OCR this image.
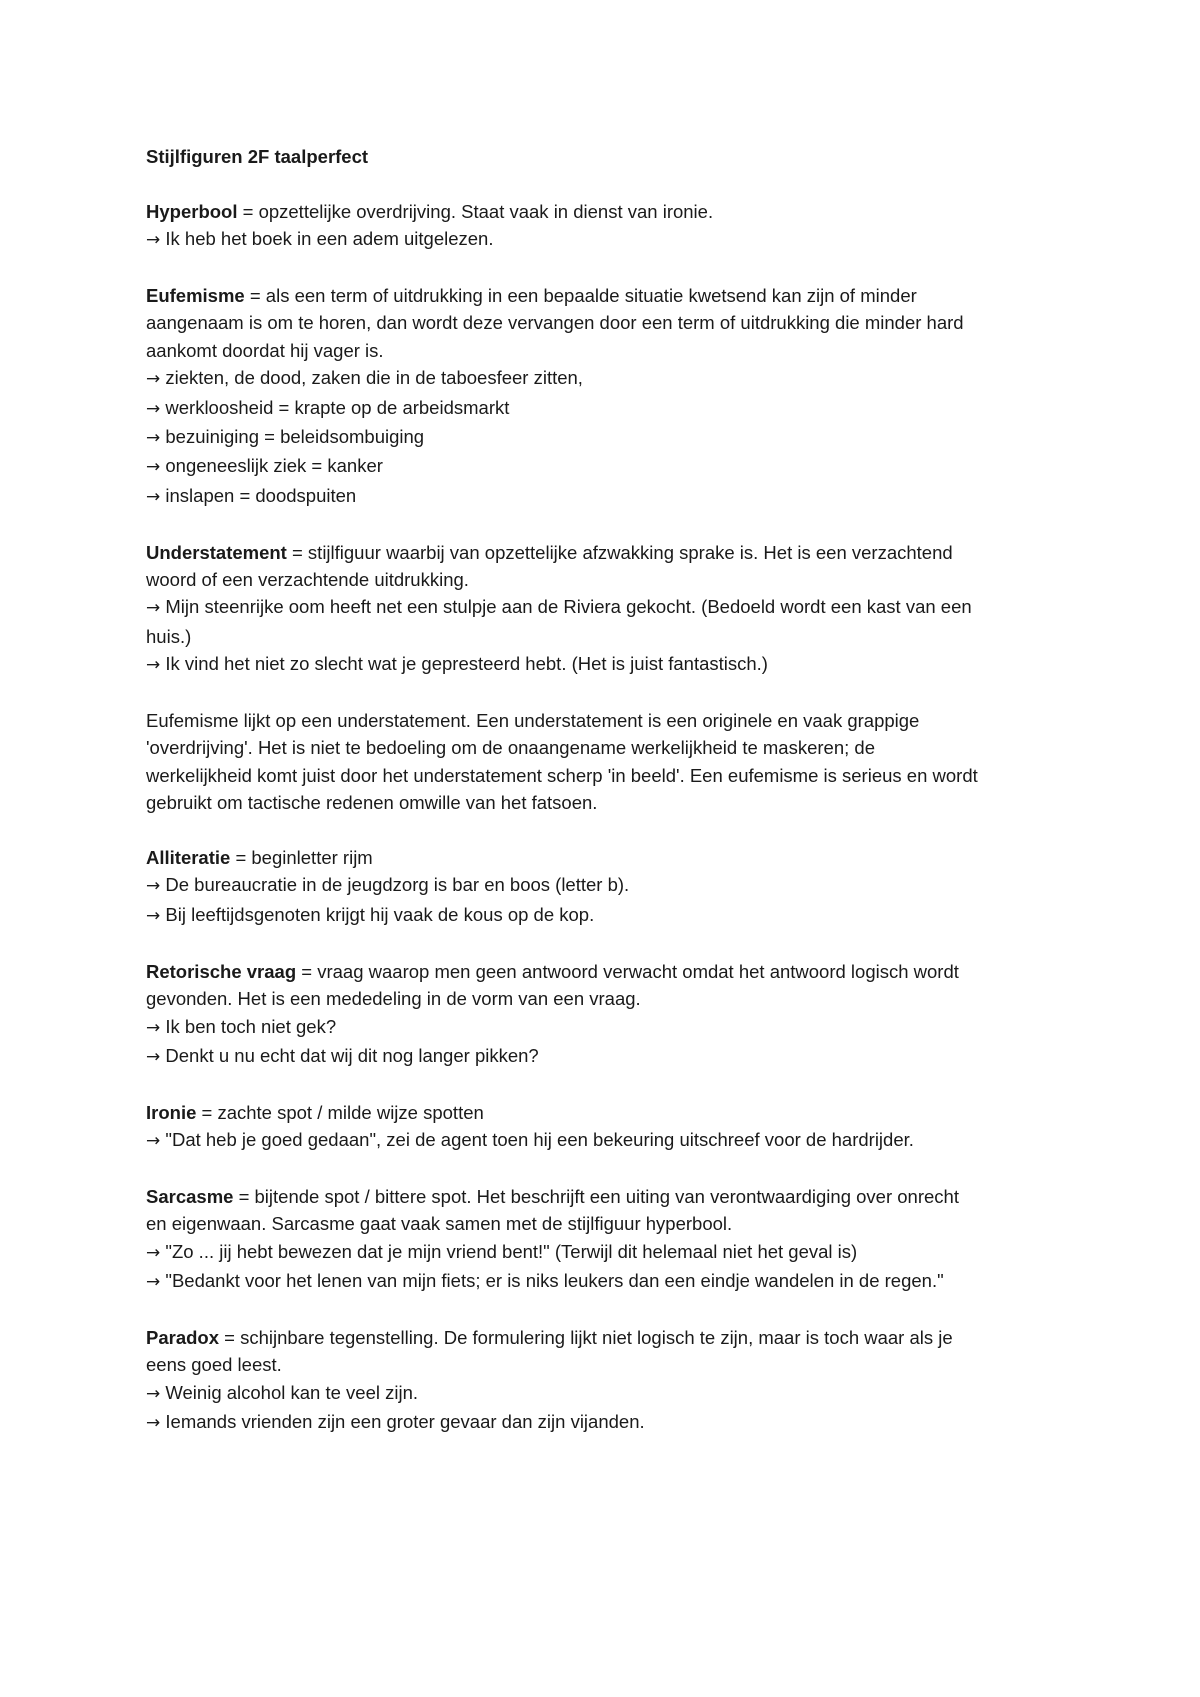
Stijlfiguren 2F taalperfect
Hyperbool = opzettelijke overdrijving. Staat vaak in dienst van ironie.
→ Ik heb het boek in een adem uitgelezen.
Eufemisme = als een term of uitdrukking in een bepaalde situatie kwetsend kan zijn of minder
aangenaam is om te horen, dan wordt deze vervangen door een term of uitdrukking die minder hard
aankomt doordat hij vager is.
→ ziekten, de dood, zaken die in de taboesfeer zitten,
→ werkloosheid = krapte op de arbeidsmarkt
→ bezuiniging = beleidsombuiging
→ ongeneeslijk ziek = kanker
→ inslapen = doodspuiten
Understatement = stijlfiguur waarbij van opzettelijke afzwakking sprake is. Het is een verzachtend
woord of een verzachtende uitdrukking.
→ Mijn steenrijke oom heeft net een stulpje aan de Riviera gekocht. (Bedoeld wordt een kast van een
huis.)
→ Ik vind het niet zo slecht wat je gepresteerd hebt. (Het is juist fantastisch.)
Eufemisme lijkt op een understatement. Een understatement is een originele en vaak grappige
'overdrijving'. Het is niet te bedoeling om de onaangename werkelijkheid te maskeren; de
werkelijkheid komt juist door het understatement scherp 'in beeld'. Een eufemisme is serieus en wordt
gebruikt om tactische redenen omwille van het fatsoen.
Alliteratie = beginletter rijm
→ De bureaucratie in de jeugdzorg is bar en boos (letter b).
→ Bij leeftijdsgenoten krijgt hij vaak de kous op de kop.
Retorische vraag = vraag waarop men geen antwoord verwacht omdat het antwoord logisch wordt
gevonden. Het is een mededeling in de vorm van een vraag.
→ Ik ben toch niet gek?
→ Denkt u nu echt dat wij dit nog langer pikken?
Ironie = zachte spot / milde wijze spotten
→ "Dat heb je goed gedaan", zei de agent toen hij een bekeuring uitschreef voor de hardrijder.
Sarcasme = bijtende spot / bittere spot. Het beschrijft een uiting van verontwaardiging over onrecht
en eigenwaan. Sarcasme gaat vaak samen met de stijlfiguur hyperbool.
→ "Zo ... jij hebt bewezen dat je mijn vriend bent!" (Terwijl dit helemaal niet het geval is)
→ "Bedankt voor het lenen van mijn fiets; er is niks leukers dan een eindje wandelen in de regen."
Paradox = schijnbare tegenstelling. De formulering lijkt niet logisch te zijn, maar is toch waar als je
eens goed leest.
→ Weinig alcohol kan te veel zijn.
→ Iemands vrienden zijn een groter gevaar dan zijn vijanden.
